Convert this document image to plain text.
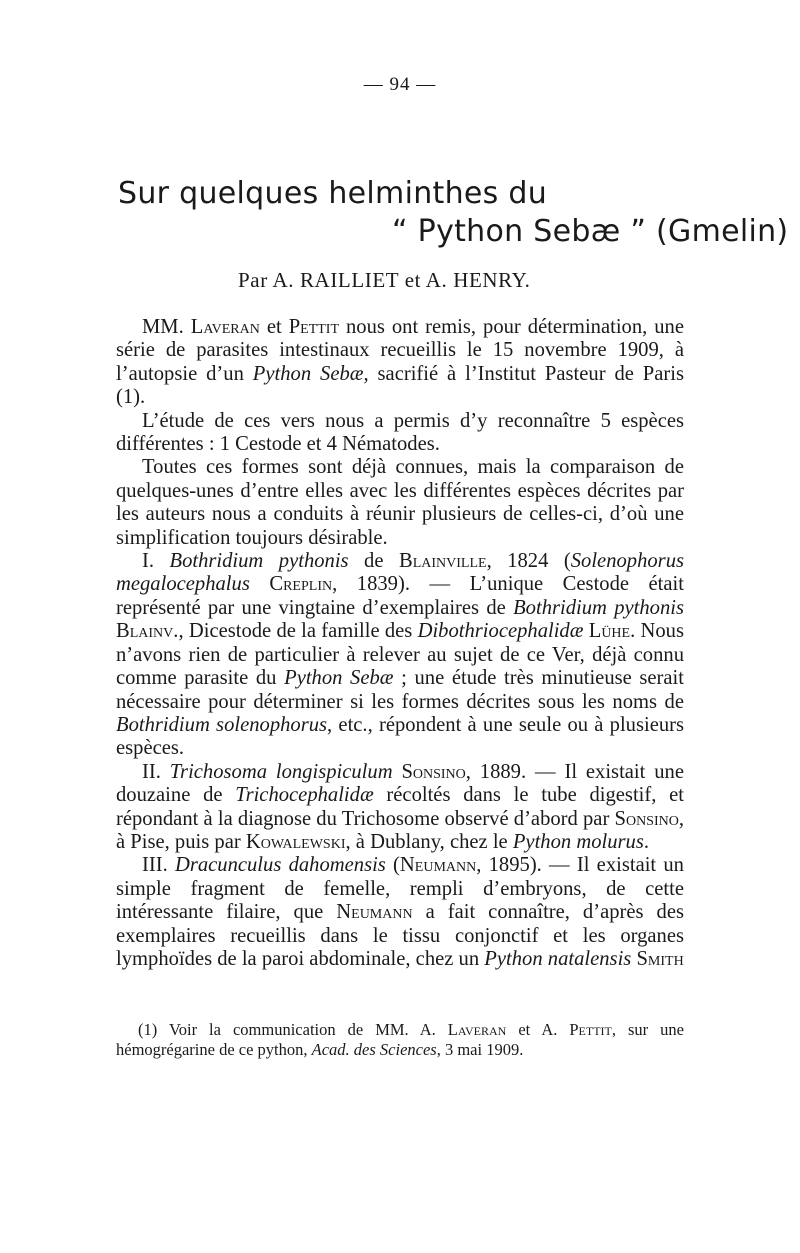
— 94 —
Sur quelques helminthes du
“ Python Sebæ ” (Gmelin)
Par A. RAILLIET et A. HENRY.

MM. Laveran et Pettit nous ont remis, pour détermination, une série de parasites intestinaux recueillis le 15 novembre 1909, à l’autopsie d’un Python Sebæ, sacrifié à l’Institut Pasteur de Paris (1).

L’étude de ces vers nous a permis d’y reconnaître 5 espèces différentes : 1 Cestode et 4 Nématodes.

Toutes ces formes sont déjà connues, mais la comparaison de quelques-unes d’entre elles avec les différentes espèces décrites par les auteurs nous a conduits à réunir plusieurs de celles-ci, d’où une simplification toujours désirable.

I. Bothridium pythonis de Blainville, 1824 (Solenophorus megalocephalus Creplin, 1839). — L’unique Cestode était représenté par une vingtaine d’exemplaires de Bothridium pythonis Blainv., Dicestode de la famille des Dibothriocephalidæ Lühe. Nous n’avons rien de particulier à relever au sujet de ce Ver, déjà connu comme parasite du Python Sebæ ; une étude très minutieuse serait nécessaire pour déterminer si les formes décrites sous les noms de Bothridium solenophorus, etc., répondent à une seule ou à plusieurs espèces.

II. Trichosoma longispiculum Sonsino, 1889. — Il existait une douzaine de Trichocephalidæ récoltés dans le tube digestif, et répondant à la diagnose du Trichosome observé d’abord par Sonsino, à Pise, puis par Kowalewski, à Dublany, chez le Python molurus.

III. Dracunculus dahomensis (Neumann, 1895). — Il existait un simple fragment de femelle, rempli d’embryons, de cette intéressante filaire, que Neumann a fait connaître, d’après des exemplaires recueillis dans le tissu conjonctif et les organes lymphoïdes de la paroi abdominale, chez un Python natalensis Smith

(1) Voir la communication de MM. A. Laveran et A. Pettit, sur une hémogrégarine de ce python, Acad. des Sciences, 3 mai 1909.
